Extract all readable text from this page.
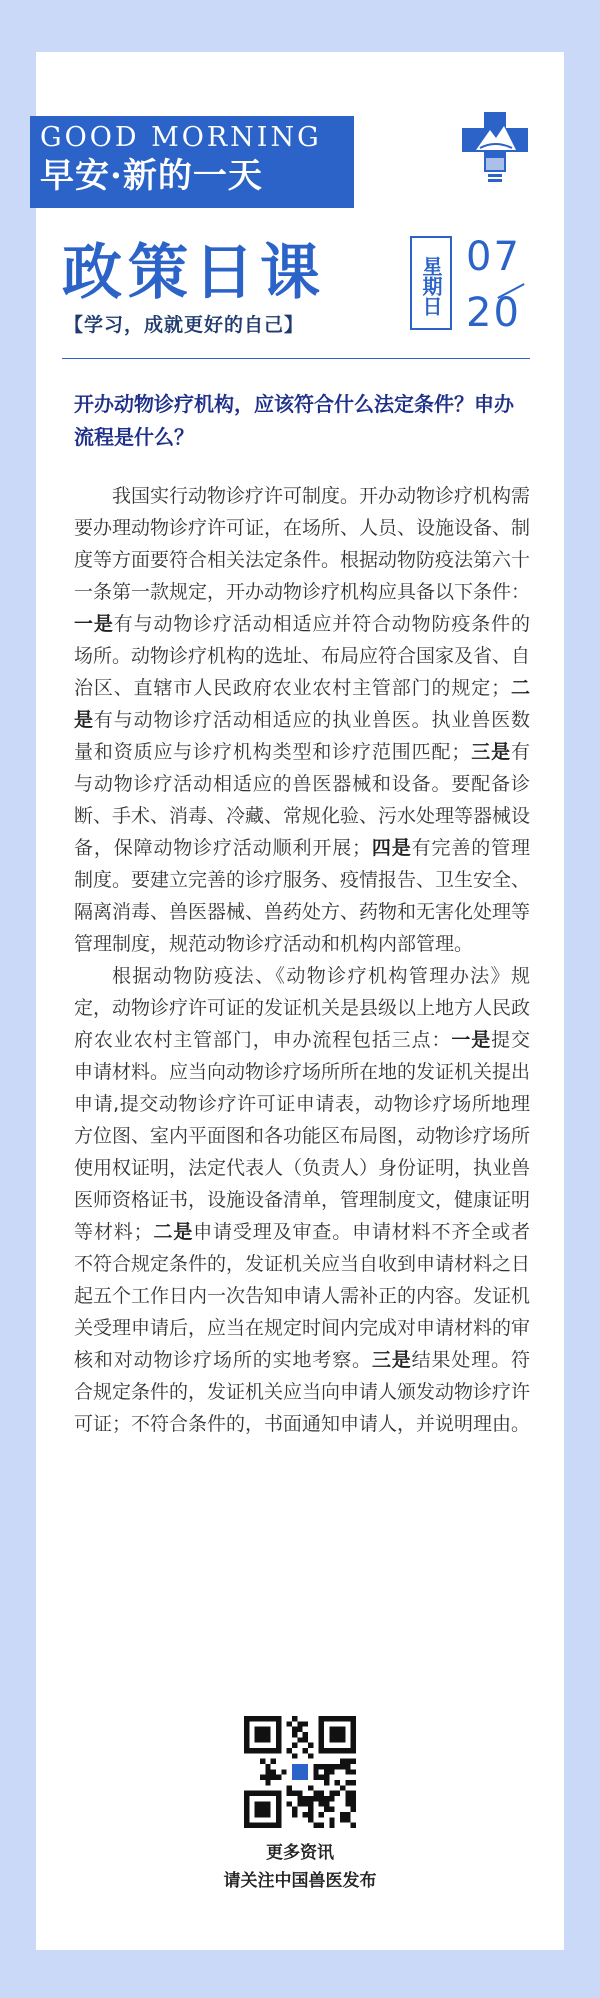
GOOD MORNING
早安·新的一天
政策日课
【学习，成就更好的自己】
星期日 07
20
开办动物诊疗机构，应该符合什么法定条件？申办流程是什么？

我国实行动物诊疗许可制度。开办动物诊疗机构需要办理动物诊疗许可证，在场所、人员、设施设备、制度等方面要符合相关法定条件。根据动物防疫法第六十一条第一款规定，开办动物诊疗机构应具备以下条件：一是有与动物诊疗活动相适应并符合动物防疫条件的场所。动物诊疗机构的选址、布局应符合国家及省、自治区、直辖市人民政府农业农村主管部门的规定；二是有与动物诊疗活动相适应的执业兽医。执业兽医数量和资质应与诊疗机构类型和诊疗范围匹配；三是有与动物诊疗活动相适应的兽医器械和设备。要配备诊断、手术、消毒、冷藏、常规化验、污水处理等器械设备，保障动物诊疗活动顺利开展；四是有完善的管理制度。要建立完善的诊疗服务、疫情报告、卫生安全、隔离消毒、兽医器械、兽药处方、药物和无害化处理等管理制度，规范动物诊疗活动和机构内部管理。

根据动物防疫法、《动物诊疗机构管理办法》规定，动物诊疗许可证的发证机关是县级以上地方人民政府农业农村主管部门，申办流程包括三点：一是提交申请材料。应当向动物诊疗场所所在地的发证机关提出申请,提交动物诊疗许可证申请表，动物诊疗场所地理方位图、室内平面图和各功能区布局图，动物诊疗场所使用权证明，法定代表人（负责人）身份证明，执业兽医师资格证书，设施设备清单，管理制度文，健康证明等材料；二是申请受理及审查。申请材料不齐全或者不符合规定条件的，发证机关应当自收到申请材料之日起五个工作日内一次告知申请人需补正的内容。发证机关受理申请后，应当在规定时间内完成对申请材料的审核和对动物诊疗场所的实地考察。三是结果处理。符合规定条件的，发证机关应当向申请人颁发动物诊疗许可证；不符合条件的，书面通知申请人，并说明理由。

更多资讯
请关注中国兽医发布
